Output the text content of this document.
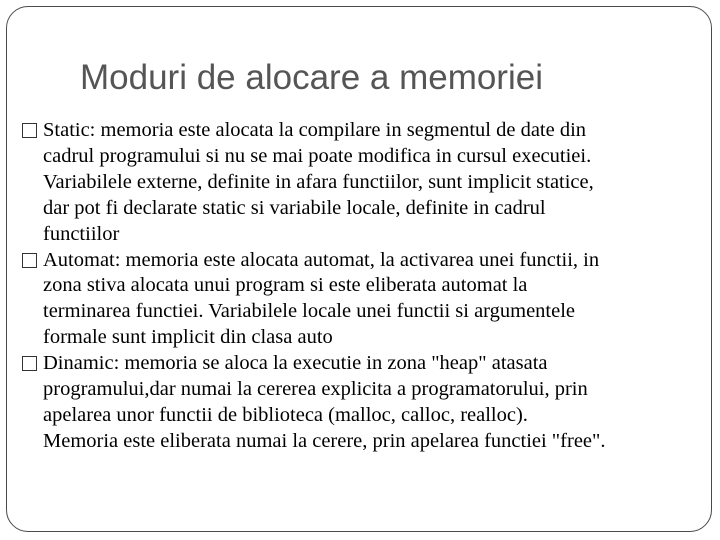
Moduri de alocare a memoriei
Static: memoria este alocata la compilare in segmentul de date din
cadrul programului si nu se mai poate modifica in cursul executiei.
Variabilele externe, definite in afara functiilor, sunt implicit statice,
dar pot fi declarate static si variabile locale, definite in cadrul
functiilor
Automat: memoria este alocata automat, la activarea unei functii, in
zona stiva alocata unui program si este eliberata automat la
terminarea functiei. Variabilele locale unei functii si argumentele
formale sunt implicit din clasa auto
Dinamic: memoria se aloca la executie in zona "heap" atasata
programului,dar numai la cererea explicita a programatorului, prin
apelarea unor functii de biblioteca (malloc, calloc, realloc).
Memoria este eliberata numai la cerere, prin apelarea functiei "free".
